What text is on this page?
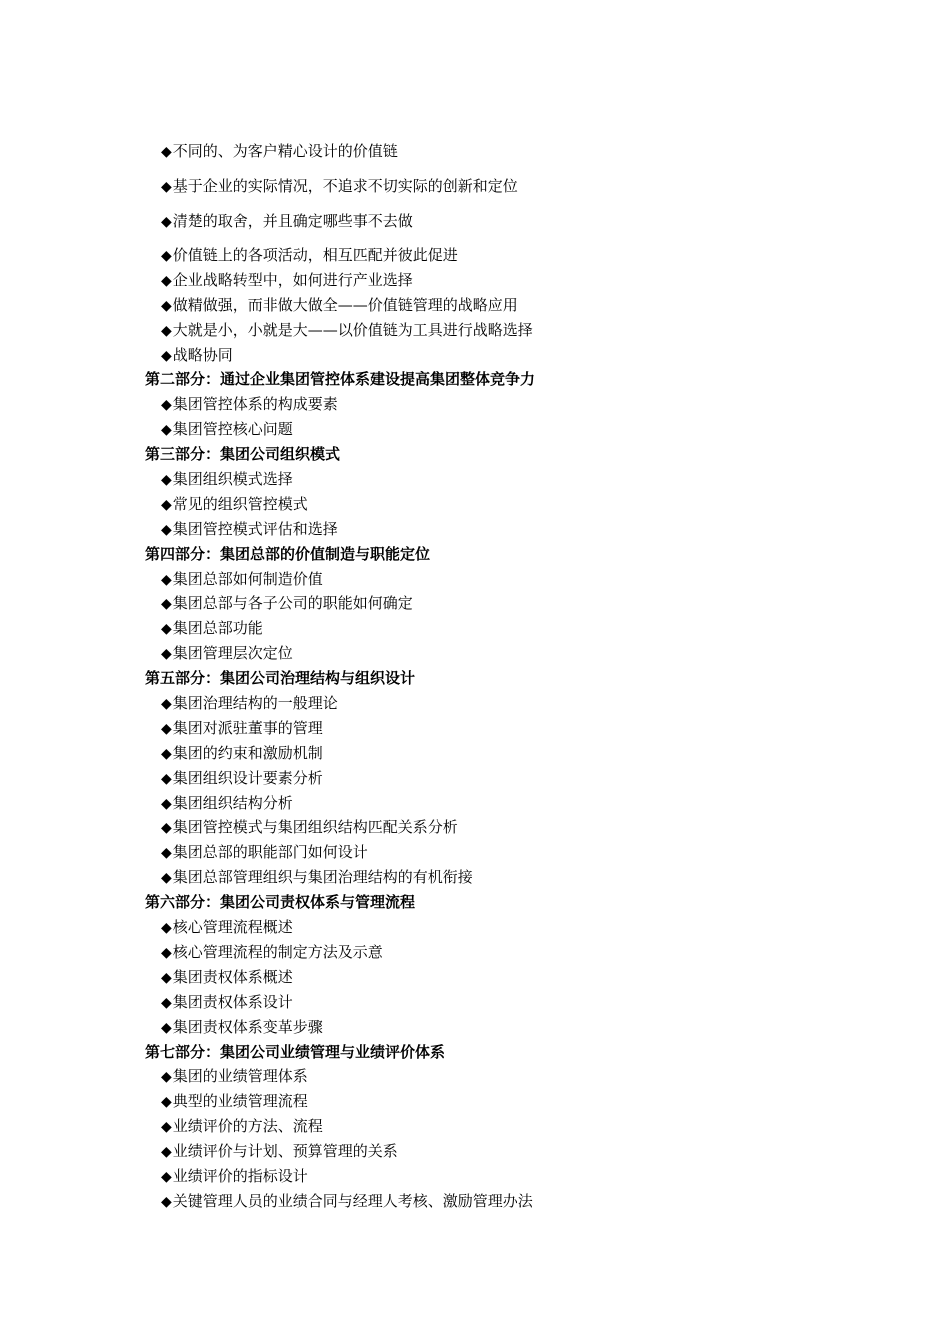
◆不同的、为客户精心设计的价值链
◆基于企业的实际情况，不追求不切实际的创新和定位
◆清楚的取舍，并且确定哪些事不去做
◆价值链上的各项活动，相互匹配并彼此促进
◆企业战略转型中，如何进行产业选择
◆做精做强，而非做大做全——价值链管理的战略应用
◆大就是小，小就是大——以价值链为工具进行战略选择
◆战略协同
第二部分：通过企业集团管控体系建设提高集团整体竞争力
◆集团管控体系的构成要素
◆集团管控核心问题
第三部分：集团公司组织模式
◆集团组织模式选择
◆常见的组织管控模式
◆集团管控模式评估和选择
第四部分：集团总部的价值制造与职能定位
◆集团总部如何制造价值
◆集团总部与各子公司的职能如何确定
◆集团总部功能
◆集团管理层次定位
第五部分：集团公司治理结构与组织设计
◆集团治理结构的一般理论
◆集团对派驻董事的管理
◆集团的约束和激励机制
◆集团组织设计要素分析
◆集团组织结构分析
◆集团管控模式与集团组织结构匹配关系分析
◆集团总部的职能部门如何设计
◆集团总部管理组织与集团治理结构的有机衔接
第六部分：集团公司责权体系与管理流程
◆核心管理流程概述
◆核心管理流程的制定方法及示意
◆集团责权体系概述
◆集团责权体系设计
◆集团责权体系变革步骤
第七部分：集团公司业绩管理与业绩评价体系
◆集团的业绩管理体系
◆典型的业绩管理流程
◆业绩评价的方法、流程
◆业绩评价与计划、预算管理的关系
◆业绩评价的指标设计
◆关键管理人员的业绩合同与经理人考核、激励管理办法
